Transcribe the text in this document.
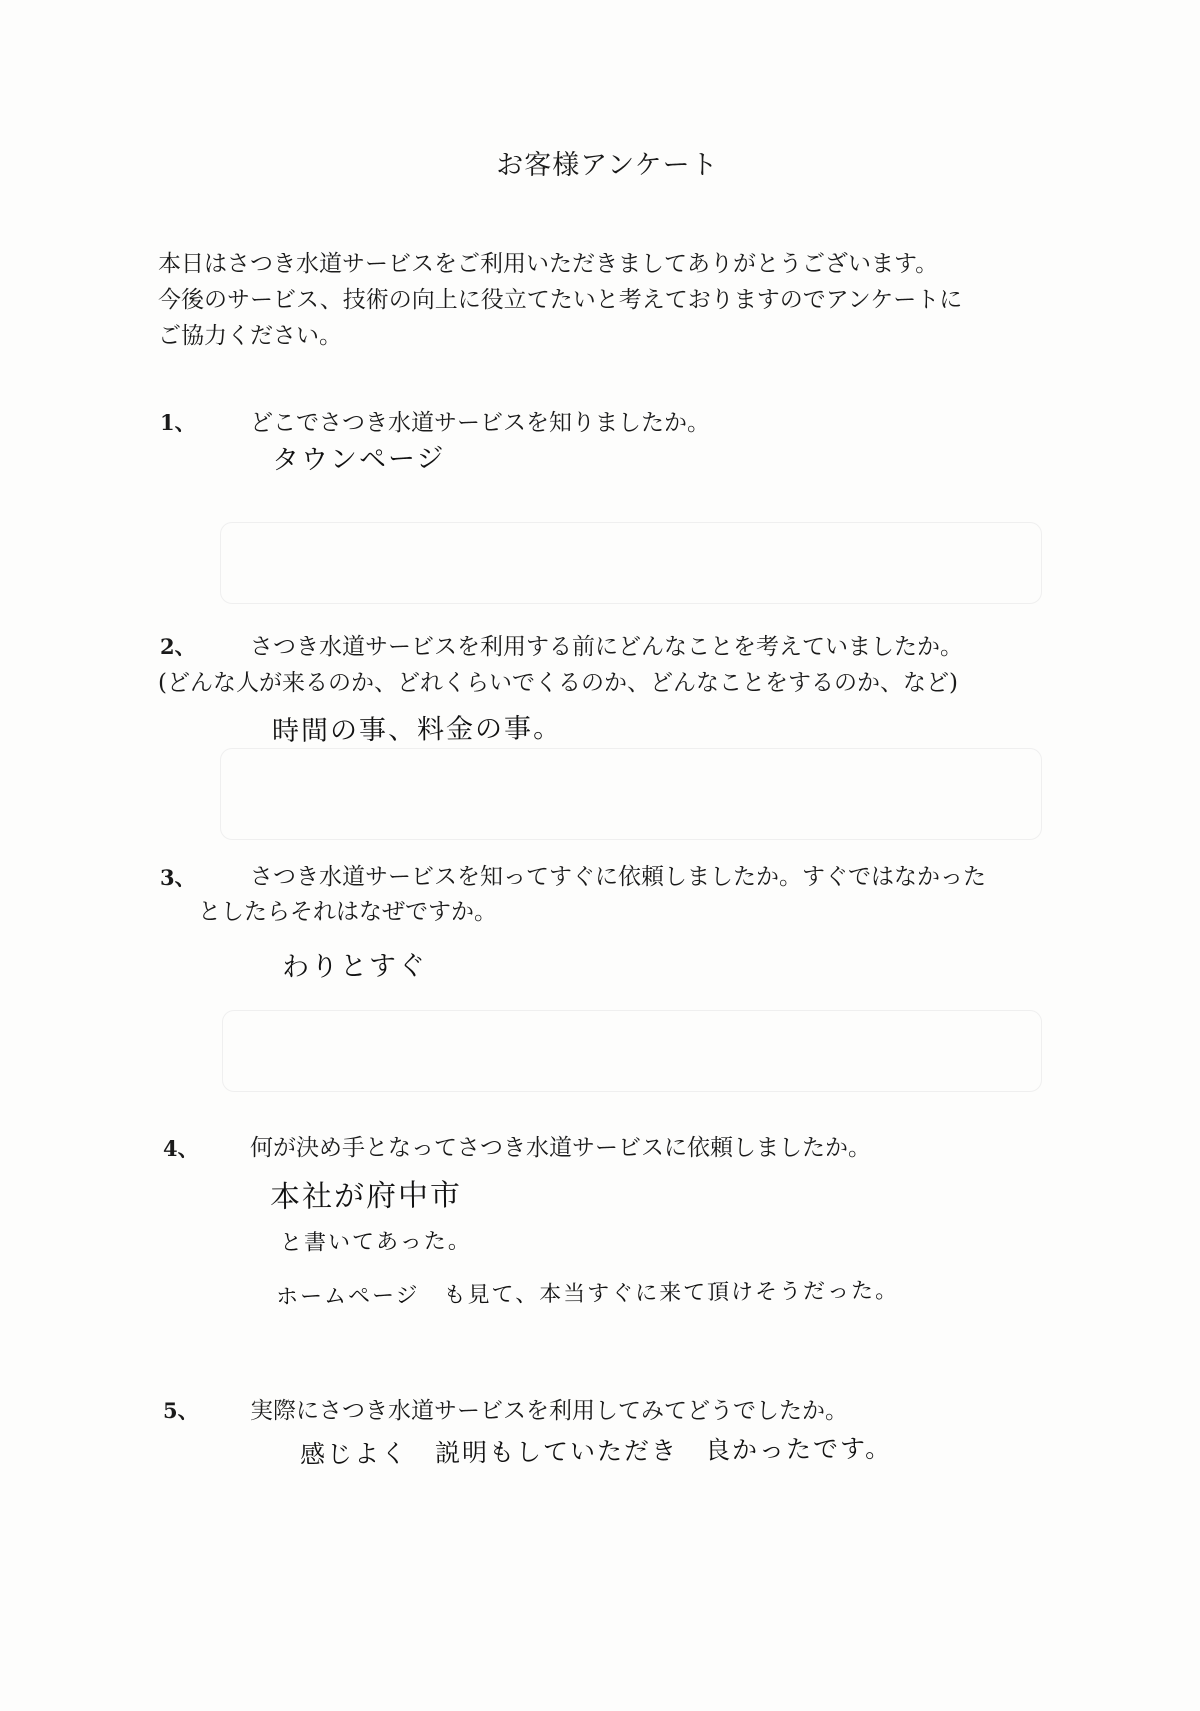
お客様アンケート
本日はさつき水道サービスをご利用いただきましてありがとうございます。
今後のサービス、技術の向上に役立てたいと考えておりますのでアンケートに
ご協力ください。
1、 どこでさつき水道サービスを知りましたか。
タウンページ
2、 さつき水道サービスを利用する前にどんなことを考えていましたか。
(どんな人が来るのか、どれくらいでくるのか、どんなことをするのか、など)
時間の事、料金の事。
3、 さつき水道サービスを知ってすぐに依頼しましたか。すぐではなかった
としたらそれはなぜですか。
わりとすぐ
4、 何が決め手となってさつき水道サービスに依頼しましたか。
本社が府中市
と書いてあった。
ホームページ　も見て、本当すぐに来て頂けそうだった。
5、 実際にさつき水道サービスを利用してみてどうでしたか。
感じよく　説明もしていただき　良かったです。
